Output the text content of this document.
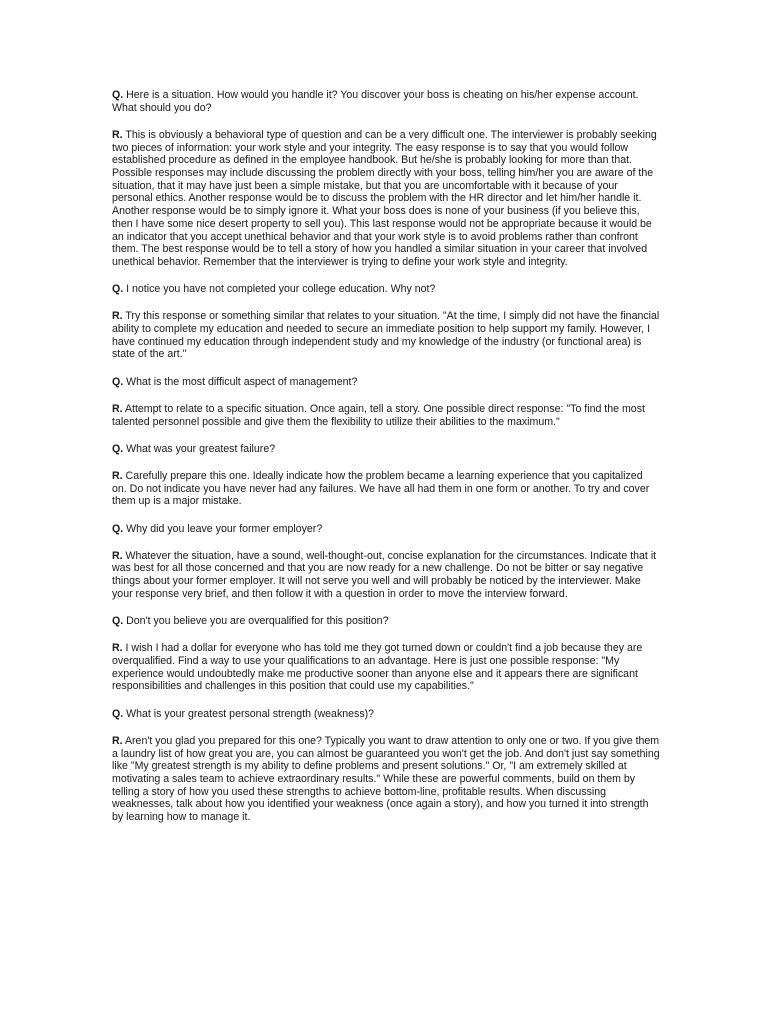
Q. Here is a situation. How would you handle it? You discover your boss is cheating on his/her expense account. What should you do?

R. This is obviously a behavioral type of question and can be a very difficult one. The interviewer is probably seeking two pieces of information: your work style and your integrity. The easy response is to say that you would follow established procedure as defined in the employee handbook. But he/she is probably looking for more than that. Possible responses may include discussing the problem directly with your boss, telling him/her you are aware of the situation, that it may have just been a simple mistake, but that you are uncomfortable with it because of your personal ethics. Another response would be to discuss the problem with the HR director and let him/her handle it. Another response would be to simply ignore it. What your boss does is none of your business (if you believe this, then I have some nice desert property to sell you). This last response would not be appropriate because it would be an indicator that you accept unethical behavior and that your work style is to avoid problems rather than confront them. The best response would be to tell a story of how you handled a similar situation in your career that involved unethical behavior. Remember that the interviewer is trying to define your work style and integrity.

Q. I notice you have not completed your college education. Why not?

R. Try this response or something similar that relates to your situation. "At the time, I simply did not have the financial ability to complete my education and needed to secure an immediate position to help support my family. However, I have continued my education through independent study and my knowledge of the industry (or functional area) is state of the art."

Q. What is the most difficult aspect of management?

R. Attempt to relate to a specific situation. Once again, tell a story. One possible direct response: "To find the most talented personnel possible and give them the flexibility to utilize their abilities to the maximum."

Q. What was your greatest failure?

R. Carefully prepare this one. Ideally indicate how the problem became a learning experience that you capitalized on. Do not indicate you have never had any failures. We have all had them in one form or another. To try and cover them up is a major mistake.

Q. Why did you leave your former employer?

R. Whatever the situation, have a sound, well-thought-out, concise explanation for the circumstances. Indicate that it was best for all those concerned and that you are now ready for a new challenge. Do not be bitter or say negative things about your former employer. It will not serve you well and will probably be noticed by the interviewer. Make your response very brief, and then follow it with a question in order to move the interview forward.

Q. Don't you believe you are overqualified for this position?

R. I wish I had a dollar for everyone who has told me they got turned down or couldn't find a job because they are overqualified. Find a way to use your qualifications to an advantage. Here is just one possible response: "My experience would undoubtedly make me productive sooner than anyone else and it appears there are significant responsibilities and challenges in this position that could use my capabilities."

Q. What is your greatest personal strength (weakness)?

R. Aren't you glad you prepared for this one? Typically you want to draw attention to only one or two. If you give them a laundry list of how great you are, you can almost be guaranteed you won't get the job. And don't just say something like "My greatest strength is my ability to define problems and present solutions." Or, "I am extremely skilled at motivating a sales team to achieve extraordinary results." While these are powerful comments, build on them by telling a story of how you used these strengths to achieve bottom-line, profitable results. When discussing weaknesses, talk about how you identified your weakness (once again a story), and how you turned it into strength by learning how to manage it.
